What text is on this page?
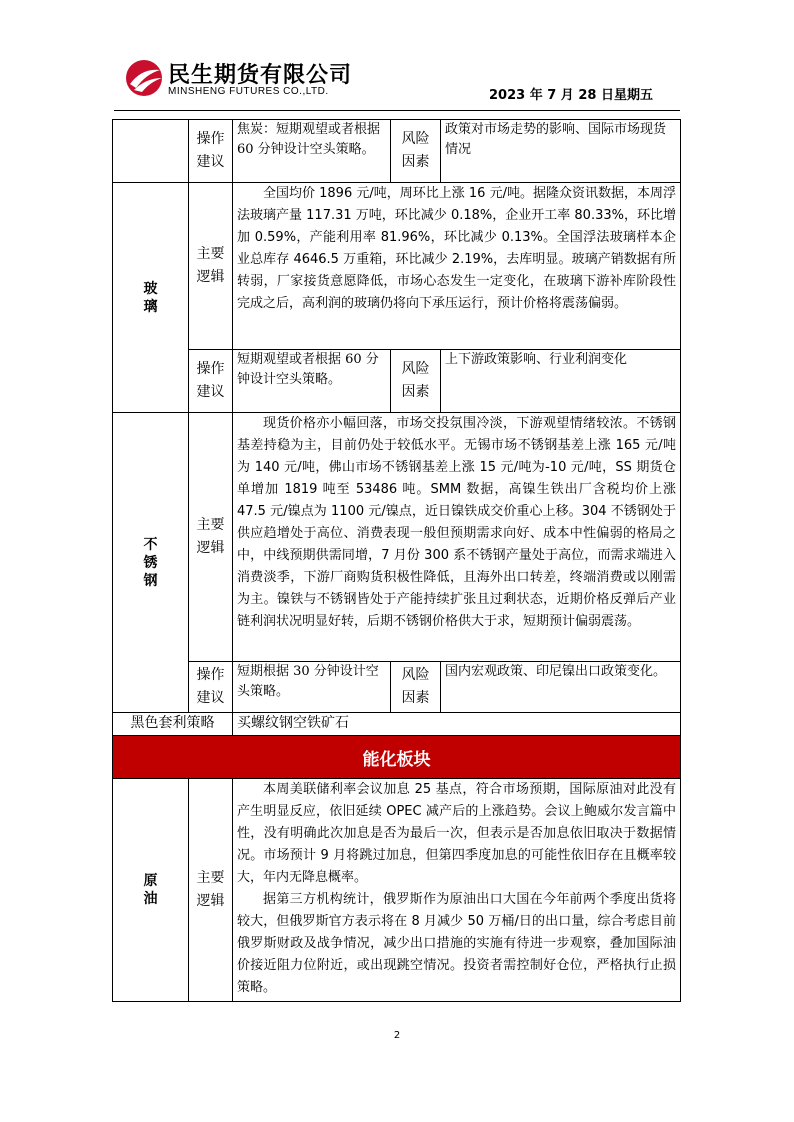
民生期货有限公司
MINSHENG FUTURES CO.,LTD.	2023 年 7 月 28 日星期五
	操作建议	焦炭：短期观望或者根据 60 分钟设计空头策略。	风险因素	政策对市场走势的影响、国际市场现货情况
玻璃	主要逻辑	全国均价 1896 元/吨，周环比上涨 16 元/吨。据隆众资讯数据，本周浮法玻璃产量 117.31 万吨，环比减少 0.18%，企业开工率 80.33%，环比增加 0.59%，产能利用率 81.96%，环比减少 0.13%。全国浮法玻璃样本企业总库存 4646.5 万重箱，环比减少 2.19%，去库明显。玻璃产销数据有所转弱，厂家接货意愿降低，市场心态发生一定变化，在玻璃下游补库阶段性完成之后，高利润的玻璃仍将向下承压运行，预计价格将震荡偏弱。		

	操作建议	短期观望或者根据 60 分钟设计空头策略。	风险因素	上下游政策影响、行业利润变化
不锈钢	主要逻辑	现货价格亦小幅回落，市场交投氛围冷淡，下游观望情绪较浓。不锈钢基差持稳为主，目前仍处于较低水平。无锡市场不锈钢基差上涨 165 元/吨为 140 元/吨，佛山市场不锈钢基差上涨 15 元/吨为-10 元/吨，SS 期货仓单增加 1819 吨至 53486 吨。SMM 数据，高镍生铁出厂含税均价上涨 47.5 元/镍点为 1100 元/镍点，近日镍铁成交价重心上移。304 不锈钢处于供应趋增处于高位、消费表现一般但预期需求向好、成本中性偏弱的格局之中，中线预期供需同增，7 月份 300 系不锈钢产量处于高位，而需求端进入消费淡季，下游厂商购货积极性降低，且海外出口转差，终端消费或以刚需为主。镍铁与不锈钢皆处于产能持续扩张且过剩状态，近期价格反弹后产业链利润状况明显好转，后期不锈钢价格供大于求，短期预计偏弱震荡。		

	操作建议	短期根据 30 分钟设计空头策略。	风险因素	国内宏观政策、印尼镍出口政策变化。
黑色套利策略		买螺纹钢空铁矿石		
能化板块				
原油	主要逻辑	本周美联储利率会议加息 25 基点，符合市场预期，国际原油对此没有产生明显反应，依旧延续 OPEC 减产后的上涨趋势。会议上鲍威尔发言篇中性，没有明确此次加息是否为最后一次，但表示是否加息依旧取决于数据情况。市场预计 9 月将跳过加息，但第四季度加息的可能性依旧存在且概率较大，年内无降息概率。

据第三方机构统计，俄罗斯作为原油出口大国在今年前两个季度出货将较大，但俄罗斯官方表示将在 8 月减少 50 万桶/日的出口量，综合考虑目前俄罗斯财政及战争情况，减少出口措施的实施有待进一步观察，叠加国际油价接近阻力位附近，或出现跳空情况。投资者需控制好仓位，严格执行止损策略。		

2
